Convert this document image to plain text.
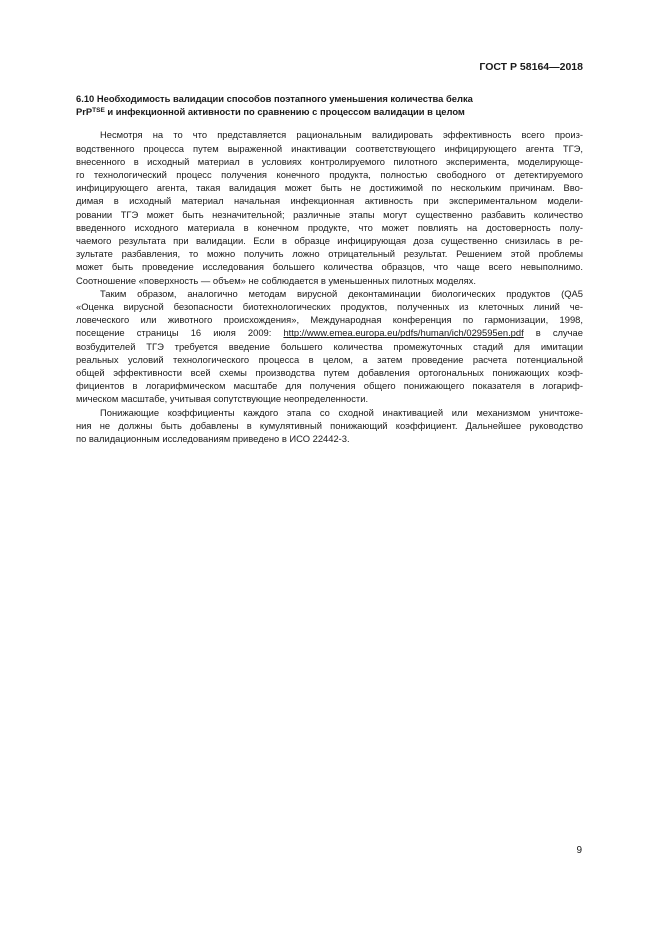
ГОСТ Р 58164—2018
6.10 Необходимость валидации способов поэтапного уменьшения количества белка
PrP$^{TSE}$ и инфекционной активности по сравнению с процессом валидации в целом
Несмотря на то что представляется рациональным валидировать эффективность всего произ-
водственного процесса путем выраженной инактивации соответствующего инфицирующего агента ТГЭ,
внесенного в исходный материал в условиях контролируемого пилотного эксперимента, моделирующе-
го технологический процесс получения конечного продукта, полностью свободного от детектируемого
инфицирующего агента, такая валидация может быть не достижимой по нескольким причинам. Вво-
димая в исходный материал начальная инфекционная активность при экспериментальном модели-
ровании ТГЭ может быть незначительной; различные этапы могут существенно разбавить количество
введенного исходного материала в конечном продукте, что может повлиять на достоверность полу-
чаемого результата при валидации. Если в образце инфицирующая доза существенно снизилась в ре-
зультате разбавления, то можно получить ложно отрицательный результат. Решением этой проблемы
может быть проведение исследования большего количества образцов, что чаще всего невыполнимо.
Соотношение «поверхность — объем» не соблюдается в уменьшенных пилотных моделях.
Таким образом, аналогично методам вирусной деконтаминации биологических продуктов (QA5
«Оценка вирусной безопасности биотехнологических продуктов, полученных из клеточных линий че-
ловеческого или животного происхождения», Международная конференция по гармонизации, 1998,
посещение страницы 16 июля 2009: http://www.emea.europa.eu/pdfs/human/ich/029595en.pdf в случае
возбудителей ТГЭ требуется введение большего количества промежуточных стадий для имитации
реальных условий технологического процесса в целом, а затем проведение расчета потенциальной
общей эффективности всей схемы производства путем добавления ортогональных понижающих коэф-
фициентов в логарифмическом масштабе для получения общего понижающего показателя в логариф-
мическом масштабе, учитывая сопутствующие неопределенности.
Понижающие коэффициенты каждого этапа со сходной инактивацией или механизмом уничтоже-
ния не должны быть добавлены в кумулятивный понижающий коэффициент. Дальнейшее руководство
по валидационным исследованиям приведено в ИСО 22442-3.
9
